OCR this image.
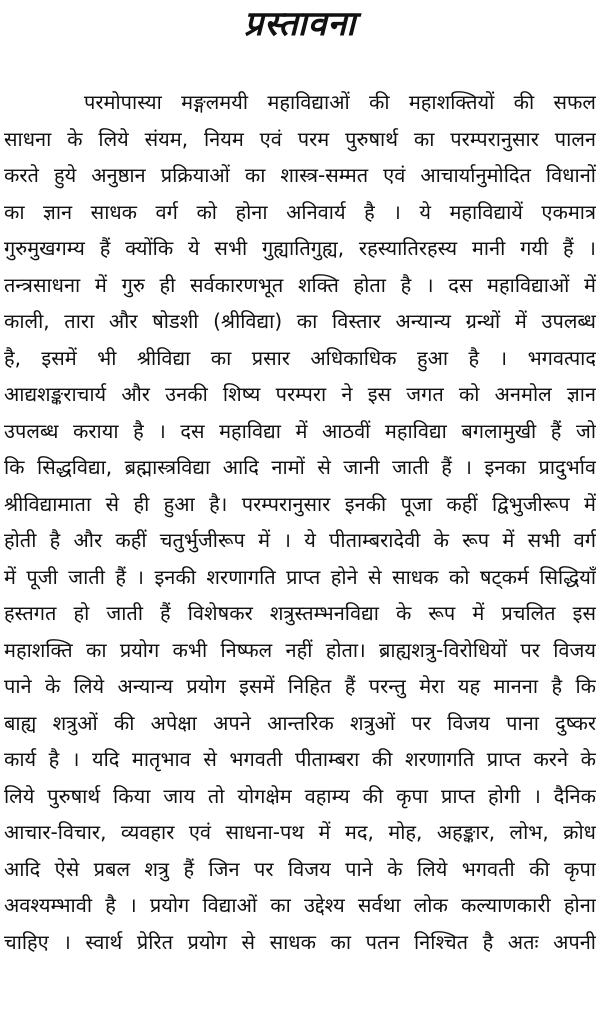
प्रस्तावना
परमोपास्या मङ्गलमयी महाविद्याओं की महाशक्तियों की सफल
साधना के लिये संयम, नियम एवं परम पुरुषार्थ का परम्परानुसार पालन
करते हुये अनुष्ठान प्रक्रियाओं का शास्त्र-सम्मत एवं आचार्यानुमोदित विधानों
का ज्ञान साधक वर्ग को होना अनिवार्य है । ये महाविद्यायें एकमात्र
गुरुमुखगम्य हैं क्योंकि ये सभी गुह्यातिगुह्य, रहस्यातिरहस्य मानी गयी हैं ।
तन्त्रसाधना में गुरु ही सर्वकारणभूत शक्ति होता है । दस महाविद्याओं में
काली, तारा और षोडशी (श्रीविद्या) का विस्तार अन्यान्य ग्रन्थों में उपलब्ध
है, इसमें भी श्रीविद्या का प्रसार अधिकाधिक हुआ है । भगवत्पाद
आद्यशङ्कराचार्य और उनकी शिष्य परम्परा ने इस जगत को अनमोल ज्ञान
उपलब्ध कराया है । दस महाविद्या में आठवीं महाविद्या बगलामुखी हैं जो
कि सिद्धविद्या, ब्रह्मास्त्रविद्या आदि नामों से जानी जाती हैं । इनका प्रादुर्भाव
श्रीविद्यामाता से ही हुआ है। परम्परानुसार इनकी पूजा कहीं द्विभुजीरूप में
होती है और कहीं चतुर्भुजीरूप में । ये पीताम्बरादेवी के रूप में सभी वर्ग
में पूजी जाती हैं । इनकी शरणागति प्राप्त होने से साधक को षट्कर्म सिद्धियाँ
हस्तगत हो जाती हैं विशेषकर शत्रुस्तम्भनविद्या के रूप में प्रचलित इस
महाशक्ति का प्रयोग कभी निष्फल नहीं होता। ब्राह्यशत्रु-विरोधियों पर विजय
पाने के लिये अन्यान्य प्रयोग इसमें निहित हैं परन्तु मेरा यह मानना है कि
बाह्य शत्रुओं की अपेक्षा अपने आन्तरिक शत्रुओं पर विजय पाना दुष्कर
कार्य है । यदि मातृभाव से भगवती पीताम्बरा की शरणागति प्राप्त करने के
लिये पुरुषार्थ किया जाय तो योगक्षेम वहाम्य की कृपा प्राप्त होगी । दैनिक
आचार-विचार, व्यवहार एवं साधना-पथ में मद, मोह, अहङ्कार, लोभ, क्रोध
आदि ऐसे प्रबल शत्रु हैं जिन पर विजय पाने के लिये भगवती की कृपा
अवश्यम्भावी है । प्रयोग विद्याओं का उद्देश्य सर्वथा लोक कल्याणकारी होना
चाहिए । स्वार्थ प्रेरित प्रयोग से साधक का पतन निश्चित है अतः अपनी
